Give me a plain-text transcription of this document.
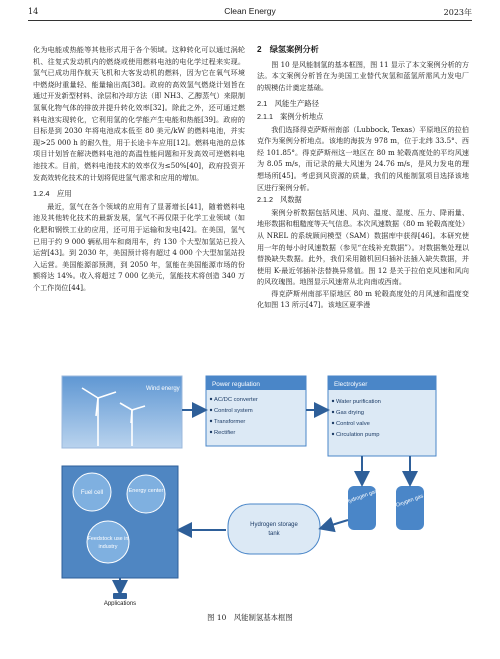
14	Clean Energy	2023年

化为电能或热能等其他形式用于各个领域。这种转化可以通过涡轮机、往复式发动机内的燃烧或使用燃料电池的电化学过程来实现。氢气已成功用作航天飞机和大客发动机的燃料，因为它在氧气环境中燃烧时重量轻、能量输出高[38]。政府的高效氢气燃烧计划旨在通过开发新型材料、涂层和冷却方法（即 NH3、乙醇蒸气）来限制氢氧化物气体的排放并提升转化效率[32]。除此之外，还可通过燃料电池实现转化，它利用氢的化学能产生电能和热能[39]。政府的目标是到 2030 年将电池成本低至 80 美元/kW 的燃料电池，并实现>25 000 h 的耐久性，用于长途卡车应用[12]。燃料电池的总体项目计划旨在解决燃料电池的高温性能问题和开发高效可逆燃料电池技术。目前，燃料电池技术的效率仅为≤50%[40]，政府投资开发高效转化技术的计划将促进氢气需求和应用的增加。

1.2.4　应用

最近，氢气在各个领域的应用有了显著增长[41]，随着燃料电池及其他转化技术的最新发展，氢气不再仅限于化学工业领域（如化肥和钢铁工业的应用，还可用于运输和发电[42]。在美国，氢气已用于约 9 000 辆私用车和商用车，约 130 个大型加氢站已投入运营[43]。到 2030 年，美国预计将有超过 4 000 个大型加氢站投入运营。美国能源部预测，到 2050 年，氢能在美国能源市场的份额将达 14%。收入将超过 7 000 亿美元，氢能技术将创造 340 万个工作岗位[44]。

2　绿氢案例分析

图 10 是风能制氢的基本框图，图 11 显示了本文案例分析的方法。本文案例分析旨在为美国工业替代灰氢和蓝氢所需风力发电厂的规模估计奠定基础。

2.1　风能生产路径
2.1.1　案例分析地点

我们选择得克萨斯州南部（Lubbock, Texas）平原地区的拉伯克作为案例分析地点。该地的海拔为 978 m，位于北纬 33.5°、西经 101.85°。得克萨斯州这一地区在 80 m 轮毂高度处的平均风速为 8.05 m/s，而记录的最大风速为 24.76 m/s，是风力发电的理想场所[45]。考虑到风资源的质量，我们的风能制氢项目选择该地区进行案例分析。

2.1.2　风数据

案例分析数据包括风速、风向、温度、湿度、压力、降雨量、地形数据和粗糙度等天气信息。本次风速数据（80 m 轮毂高度处）从 NREL 的系统顾问模型（SAM）数据库中获得[46]。本研究使用一年的每小时风速数据（参见“在线补充数据”）。对数据集处理以替换缺失数据。此外，我们采用随机回归插补法插入缺失数据，并使用 K-最近邻插补法替换异常值。图 12 是关于拉伯克风速和风向的风玫瑰图。地图显示风速常从北向南或西南。

得克萨斯州南部平原地区 80 m 轮毂高度处的月风速和温度变化如图 13 所示[47]。该地区夏季漫

Wind energy
Power regulation
AC/DC converter
Control system
Transformer
Rectifier
Electrolyser
Water purification
Gas drying
Control valve
Circulation pump
Fuel cell	Energy center
Feedstock use in
industry
Applications
Hydrogen storage
tank
Hydrogen gas	Oxygen gas
图 10　风能制氢基本框图
